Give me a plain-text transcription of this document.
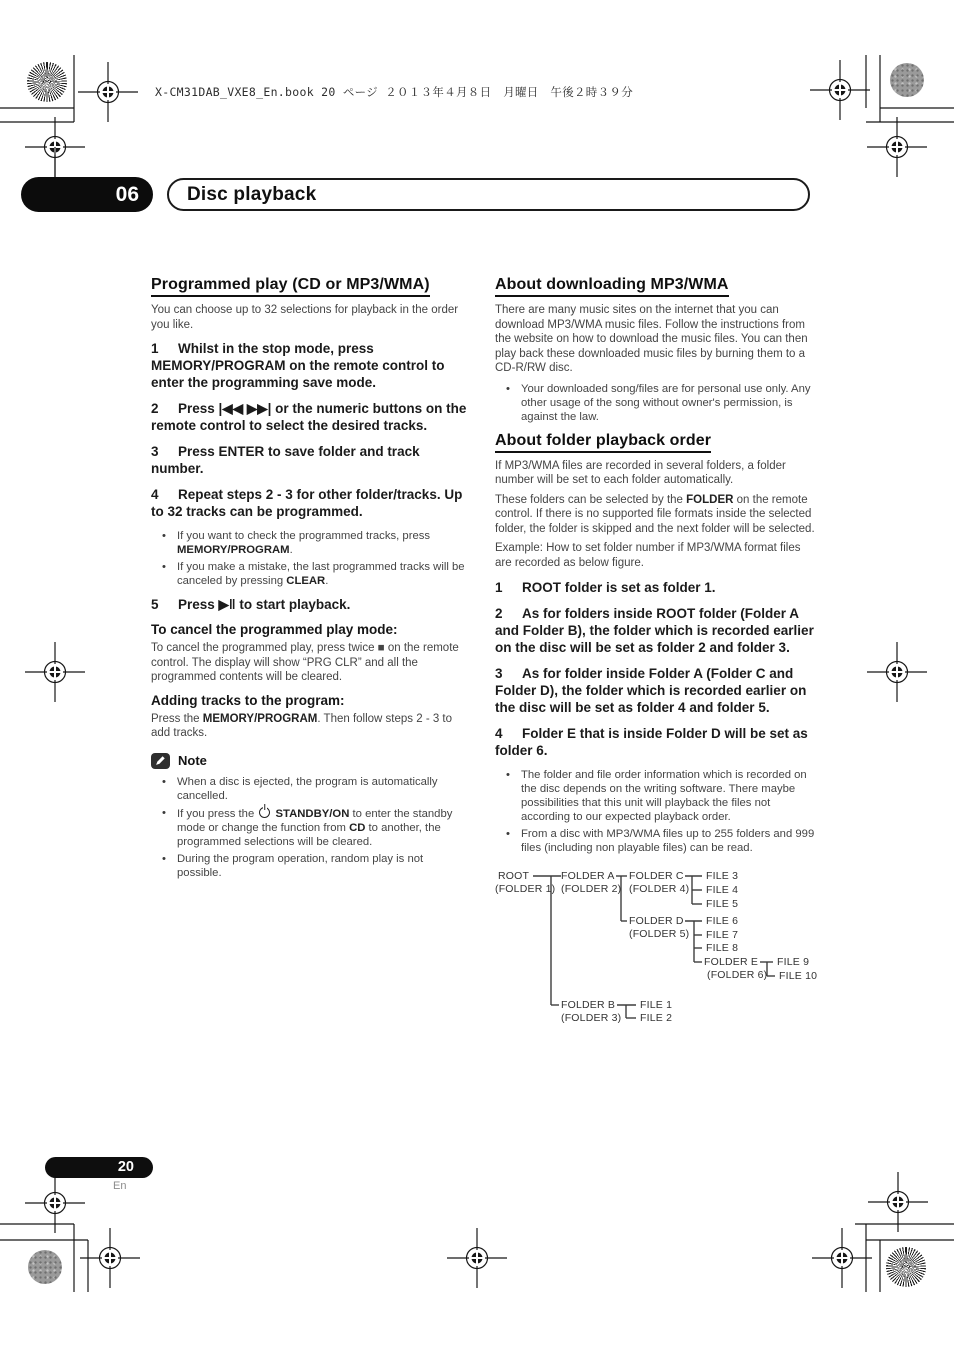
X-CM31DAB_VXE8_En.book 20 ページ ２０１３年４月８日　月曜日　午後２時３９分
06	Disc playback
Programmed play (CD or MP3/WMA)

You can choose up to 32 selections for playback in the order you like.

1 Whilst in the stop mode, press MEMORY/PROGRAM on the remote control to enter the programming save mode.

2 Press |◀◀ ▶▶| or the numeric buttons on the remote control to select the desired tracks.

3 Press ENTER to save folder and track number.

4 Repeat steps 2 - 3 for other folder/tracks. Up to 32 tracks can be programmed.

• If you want to check the programmed tracks, press MEMORY/PROGRAM.
• If you make a mistake, the last programmed tracks will be canceled by pressing CLEAR.

5 Press ▶‖ to start playback.

To cancel the programmed play mode:

To cancel the programmed play, press twice ■ on the remote control. The display will show “PRG CLR” and all the programmed contents will be cleared.

Adding tracks to the program:

Press the MEMORY/PROGRAM. Then follow steps 2 - 3 to add tracks.

Note
• When a disc is ejected, the program is automatically cancelled.
• If you press the  STANDBY/ON to enter the standby mode or change the function from CD to another, the programmed selections will be cleared.
• During the program operation, random play is not possible.
About downloading MP3/WMA

There are many music sites on the internet that you can download MP3/WMA music files. Follow the instructions from the website on how to download the music files. You can then play back these downloaded music files by burning them to a CD-R/RW disc.

• Your downloaded song/files are for personal use only. Any other usage of the song without owner's permission, is against the law.
About folder playback order

If MP3/WMA files are recorded in several folders, a folder number will be set to each folder automatically.

These folders can be selected by the FOLDER on the remote control. If there is no supported file formats inside the selected folder, the folder is skipped and the next folder will be selected.

Example: How to set folder number if MP3/WMA format files are recorded as below figure.

1 ROOT folder is set as folder 1.

2 As for folders inside ROOT folder (Folder A and Folder B), the folder which is recorded earlier on the disc will be set as folder 2 and folder 3.

3 As for folder inside Folder A (Folder C and Folder D), the folder which is recorded earlier on the disc will be set as folder 4 and folder 5.

4 Folder E that is inside Folder D will be set as folder 6.

• The folder and file order information which is recorded on the disc depends on the writing software. There maybe possibilities that this unit will playback the files not according to our expected playback order.
• From a disc with MP3/WMA files up to 255 folders and 999 files (including non playable files) can be read.
ROOT
(FOLDER 1)
FOLDER A
(FOLDER 2)
FOLDER C
(FOLDER 4)
FILE 3
FILE 4
FILE 5
FOLDER D
(FOLDER 5)
FILE 6
FILE 7
FILE 8
FOLDER E
(FOLDER 6)
FILE 9
FILE 10
FOLDER B
(FOLDER 3)
FILE 1
FILE 2
20
En
